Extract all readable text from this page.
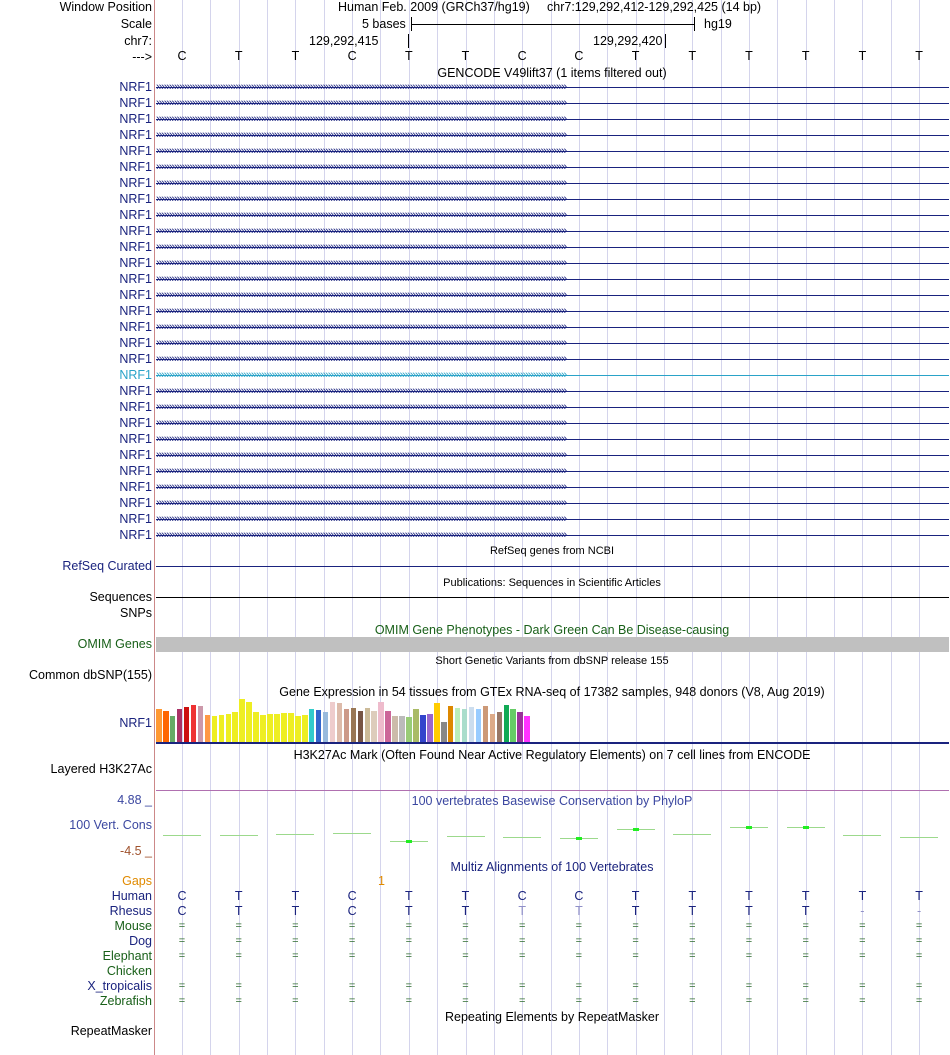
Window Position
Scale
chr7:
--->
Human Feb. 2009 (GRCh37/hg19) chr7:129,292,412-129,292,425 (14 bp)
5 bases	hg19
129,292,415	129,292,420
C	T	T	C	T	T	C	C	T	T	T	T	T	T
GENCODE V49lift37 (1 items filtered out)
NRF1 ››››››››››››››››››››››››››››››››››››››››››››››››››››››››››››››››››››››››››››››››››››››››››››››››››››››››››››››››››››››››››››››››››››››››››››››››››››››››››››››››
NRF1 ››››››››››››››››››››››››››››››››››››››››››››››››››››››››››››››››››››››››››››››››››››››››››››››››››››››››››››››››››››››››››››››››››››››››››››››››››››››››››››››››
NRF1 ››››››››››››››››››››››››››››››››››››››››››››››››››››››››››››››››››››››››››››››››››››››››››››››››››››››››››››››››››››››››››››››››››››››››››››››››››››››››››››››››
NRF1 ››››››››››››››››››››››››››››››››››››››››››››››››››››››››››››››››››››››››››››››››››››››››››››››››››››››››››››››››››››››››››››››››››››››››››››››››››››››››››››››››
NRF1 ››››››››››››››››››››››››››››››››››››››››››››››››››››››››››››››››››››››››››››››››››››››››››››››››››››››››››››››››››››››››››››››››››››››››››››››››››››››››››››››››
NRF1 ››››››››››››››››››››››››››››››››››››››››››››››››››››››››››››››››››››››››››››››››››››››››››››››››››››››››››››››››››››››››››››››››››››››››››››››››››››››››››››››››
NRF1 ››››››››››››››››››››››››››››››››››››››››››››››››››››››››››››››››››››››››››››››››››››››››››››››››››››››››››››››››››››››››››››››››››››››››››››››››››››››››››››››››
NRF1 ››››››››››››››››››››››››››››››››››››››››››››››››››››››››››››››››››››››››››››››››››››››››››››››››››››››››››››››››››››››››››››››››››››››››››››››››››››››››››››››››
NRF1 ››››››››››››››››››››››››››››››››››››››››››››››››››››››››››››››››››››››››››››››››››››››››››››››››››››››››››››››››››››››››››››››››››››››››››››››››››››››››››››››››
NRF1 ››››››››››››››››››››››››››››››››››››››››››››››››››››››››››››››››››››››››››››››››››››››››››››››››››››››››››››››››››››››››››››››››››››››››››››››››››››››››››››››››
NRF1 ››››››››››››››››››››››››››››››››››››››››››››››››››››››››››››››››››››››››››››››››››››››››››››››››››››››››››››››››››››››››››››››››››››››››››››››››››››››››››››››››
NRF1 ››››››››››››››››››››››››››››››››››››››››››››››››››››››››››››››››››››››››››››››››››››››››››››››››››››››››››››››››››››››››››››››››››››››››››››››››››››››››››››››››
NRF1 ››››››››››››››››››››››››››››››››››››››››››››››››››››››››››››››››››››››››››››››››››››››››››››››››››››››››››››››››››››››››››››››››››››››››››››››››››››››››››››››››
NRF1 ››››››››››››››››››››››››››››››››››››››››››››››››››››››››››››››››››››››››››››››››››››››››››››››››››››››››››››››››››››››››››››››››››››››››››››››››››››››››››››››››
NRF1 ››››››››››››››››››››››››››››››››››››››››››››››››››››››››››››››››››››››››››››››››››››››››››››››››››››››››››››››››››››››››››››››››››››››››››››››››››››››››››››››››
NRF1 ››››››››››››››››››››››››››››››››››››››››››››››››››››››››››››››››››››››››››››››››››››››››››››››››››››››››››››››››››››››››››››››››››››››››››››››››››››››››››››››››
NRF1 ››››››››››››››››››››››››››››››››››››››››››››››››››››››››››››››››››››››››››››››››››››››››››››››››››››››››››››››››››››››››››››››››››››››››››››››››››››››››››››››››
NRF1 ››››››››››››››››››››››››››››››››››››››››››››››››››››››››››››››››››››››››››››››››››››››››››››››››››››››››››››››››››››››››››››››››››››››››››››››››››››››››››››››››
NRF1 ››››››››››››››››››››››››››››››››››››››››››››››››››››››››››››››››››››››››››››››››››››››››››››››››››››››››››››››››››››››››››››››››››››››››››››››››››››››››››››››››
NRF1 ››››››››››››››››››››››››››››››››››››››››››››››››››››››››››››››››››››››››››››››››››››››››››››››››››››››››››››››››››››››››››››››››››››››››››››››››››››››››››››››››
NRF1 ››››››››››››››››››››››››››››››››››››››››››››››››››››››››››››››››››››››››››››››››››››››››››››››››››››››››››››››››››››››››››››››››››››››››››››››››››››››››››››››››
NRF1 ››››››››››››››››››››››››››››››››››››››››››››››››››››››››››››››››››››››››››››››››››››››››››››››››››››››››››››››››››››››››››››››››››››››››››››››››››››››››››››››››
NRF1 ››››››››››››››››››››››››››››››››››››››››››››››››››››››››››››››››››››››››››››››››››››››››››››››››››››››››››››››››››››››››››››››››››››››››››››››››››››››››››››››››
NRF1 ››››››››››››››››››››››››››››››››››››››››››››››››››››››››››››››››››››››››››››››››››››››››››››››››››››››››››››››››››››››››››››››››››››››››››››››››››››››››››››››››
NRF1 ››››››››››››››››››››››››››››››››››››››››››››››››››››››››››››››››››››››››››››››››››››››››››››››››››››››››››››››››››››››››››››››››››››››››››››››››››››››››››››››››
NRF1 ››››››››››››››››››››››››››››››››››››››››››››››››››››››››››››››››››››››››››››››››››››››››››››››››››››››››››››››››››››››››››››››››››››››››››››››››››››››››››››››››
NRF1 ››››››››››››››››››››››››››››››››››››››››››››››››››››››››››››››››››››››››››››››››››››››››››››››››››››››››››››››››››››››››››››››››››››››››››››››››››››››››››››››››
NRF1 ››››››››››››››››››››››››››››››››››››››››››››››››››››››››››››››››››››››››››››››››››››››››››››››››››››››››››››››››››››››››››››››››››››››››››››››››››››››››››››››››
NRF1 ››››››››››››››››››››››››››››››››››››››››››››››››››››››››››››››››››››››››››››››››››››››››››››››››››››››››››››››››››››››››››››››››››››››››››››››››››››››››››››››››
RefSeq genes from NCBI
RefSeq Curated
Publications: Sequences in Scientific Articles
Sequences
SNPs
OMIM Gene Phenotypes - Dark Green Can Be Disease-causing
OMIM Genes
Short Genetic Variants from dbSNP release 155
Common dbSNP(155)
Gene Expression in 54 tissues from GTEx RNA-seq of 17382 samples, 948 donors (V8, Aug 2019)
NRF1
H3K27Ac Mark (Often Found Near Active Regulatory Elements) on 7 cell lines from ENCODE
Layered H3K27Ac
100 vertebrates Basewise Conservation by PhyloP
4.88 _
100 Vert. Cons
-4.5 _
Multiz Alignments of 100 Vertebrates
Gaps	1
Human	C	T	T	C	T	T	C	C	T	T	T	T	T	T
Rhesus	C	T	T	C	T	T	T	T	T	T	T	T	-	-
Mouse	=	=	=	=	=	=	=	=	=	=	=	=	=	=
Dog	=	=	=	=	=	=	=	=	=	=	=	=	=	=
Elephant	=	=	=	=	=	=	=	=	=	=	=	=	=	=
Chicken
X_tropicalis	=	=	=	=	=	=	=	=	=	=	=	=	=	=
Zebrafish	=	=	=	=	=	=	=	=	=	=	=	=	=	=
Repeating Elements by RepeatMasker
RepeatMasker
